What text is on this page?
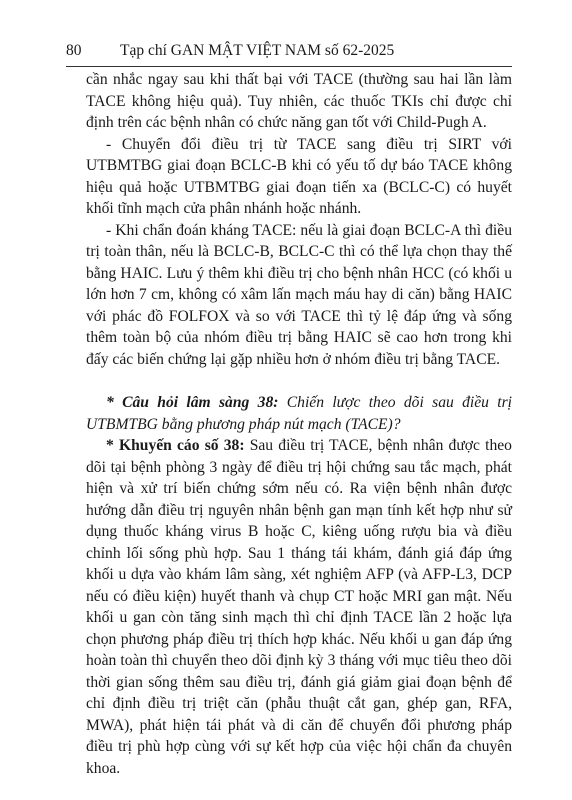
80 Tạp chí GAN MẬT VIỆT NAM số 62-2025

cần nhắc ngay sau khi thất bại với TACE (thường sau hai lần làm TACE không hiệu quả). Tuy nhiên, các thuốc TKIs chỉ được chỉ định trên các bệnh nhân có chức năng gan tốt với Child-Pugh A.

- Chuyển đổi điều trị từ TACE sang điều trị SIRT với UTBMTBG giai đoạn BCLC-B khi có yếu tố dự báo TACE không hiệu quả hoặc UTBMTBG giai đoạn tiến xa (BCLC-C) có huyết khối tĩnh mạch cửa phân nhánh hoặc nhánh.

- Khi chẩn đoán kháng TACE: nếu là giai đoạn BCLC-A thì điều trị toàn thân, nếu là BCLC-B, BCLC-C thì có thể lựa chọn thay thế bằng HAIC. Lưu ý thêm khi điều trị cho bệnh nhân HCC (có khối u lớn hơn 7 cm, không có xâm lấn mạch máu hay di căn) bằng HAIC với phác đồ FOLFOX và so với TACE thì tỷ lệ đáp ứng và sống thêm toàn bộ của nhóm điều trị bằng HAIC sẽ cao hơn trong khi đấy các biến chứng lại gặp nhiều hơn ở nhóm điều trị bằng TACE.

* Câu hỏi lâm sàng 38: Chiến lược theo dõi sau điều trị UTBMTBG bằng phương pháp nút mạch (TACE)?

* Khuyến cáo số 38: Sau điều trị TACE, bệnh nhân được theo dõi tại bệnh phòng 3 ngày để điều trị hội chứng sau tắc mạch, phát hiện và xử trí biến chứng sớm nếu có. Ra viện bệnh nhân được hướng dẫn điều trị nguyên nhân bệnh gan mạn tính kết hợp như sử dụng thuốc kháng virus B hoặc C, kiêng uống rượu bia và điều chỉnh lối sống phù hợp. Sau 1 tháng tái khám, đánh giá đáp ứng khối u dựa vào khám lâm sàng, xét nghiệm AFP (và AFP-L3, DCP nếu có điều kiện) huyết thanh và chụp CT hoặc MRI gan mật. Nếu khối u gan còn tăng sinh mạch thì chỉ định TACE lần 2 hoặc lựa chọn phương pháp điều trị thích hợp khác. Nếu khối u gan đáp ứng hoàn toàn thì chuyển theo dõi định kỳ 3 tháng với mục tiêu theo dõi thời gian sống thêm sau điều trị, đánh giá giảm giai đoạn bệnh để chỉ định điều trị triệt căn (phẫu thuật cắt gan, ghép gan, RFA, MWA), phát hiện tái phát và di căn để chuyển đổi phương pháp điều trị phù hợp cùng với sự kết hợp của việc hội chẩn đa chuyên khoa.
